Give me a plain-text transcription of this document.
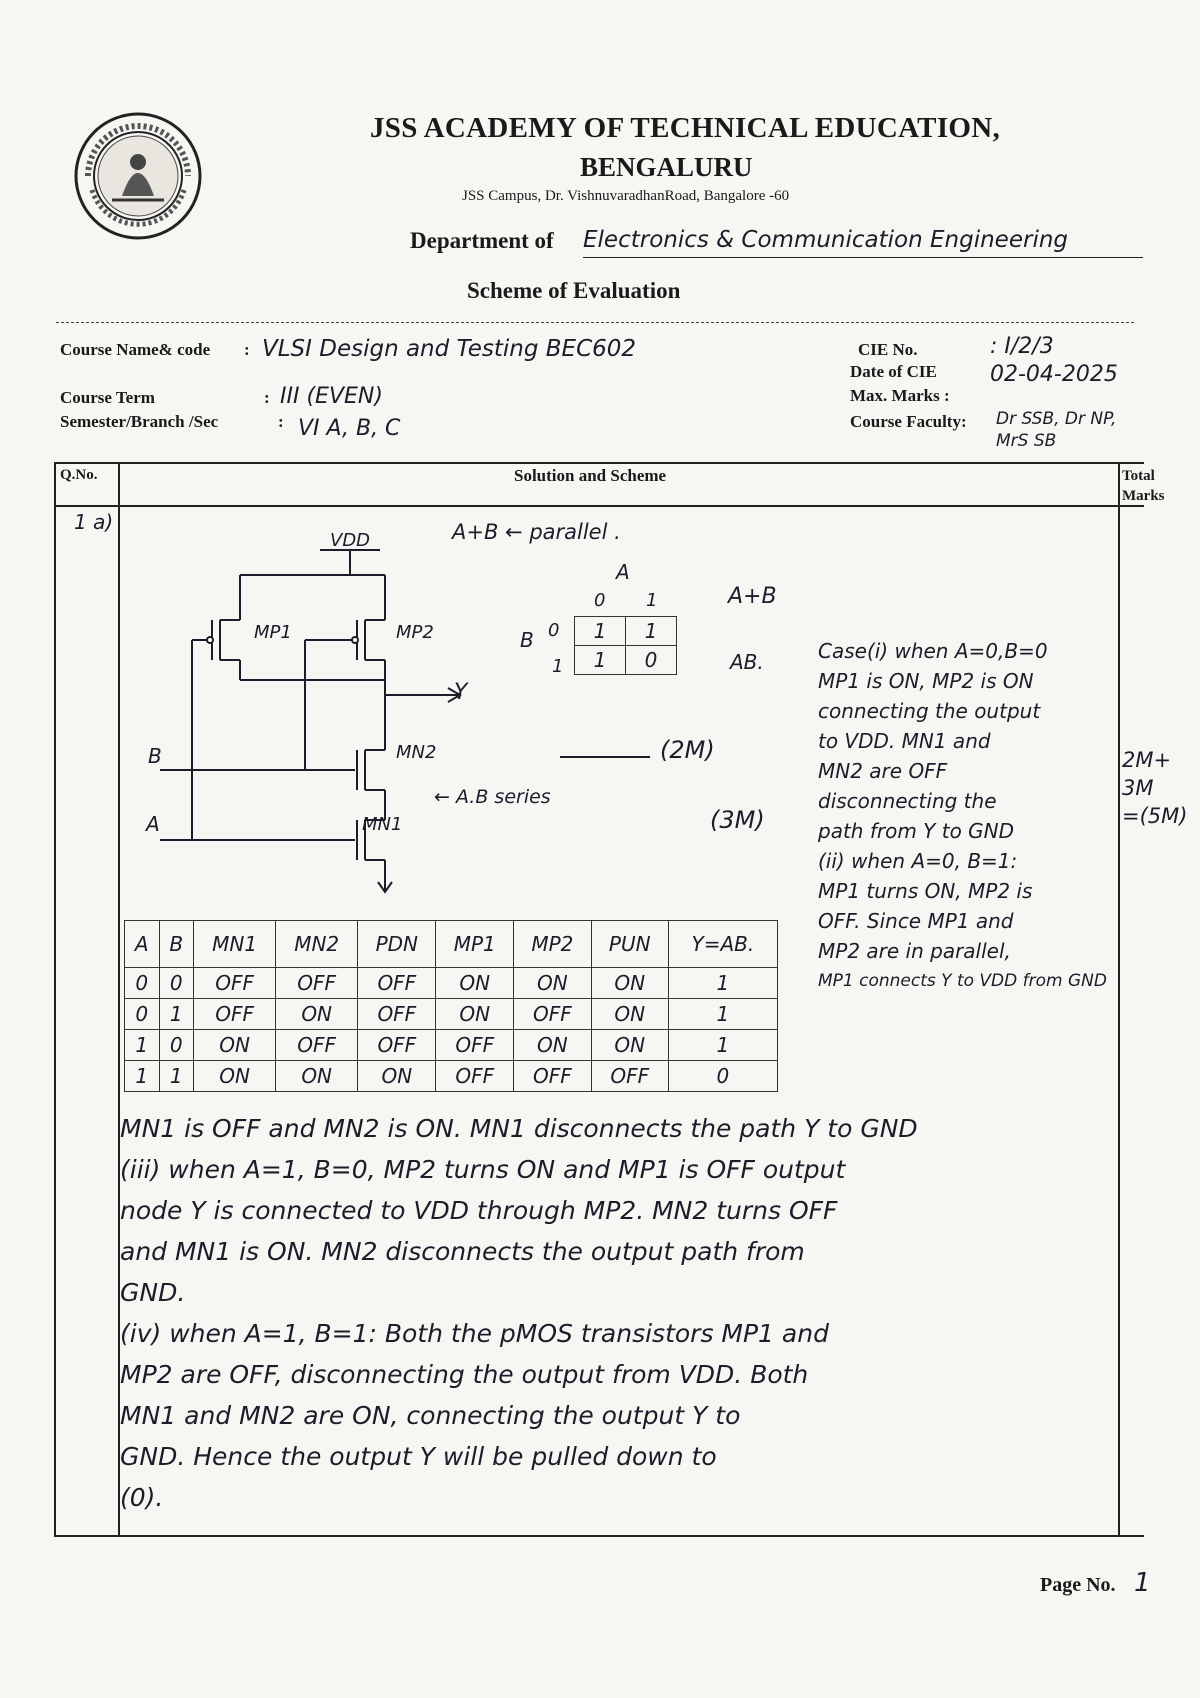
JSS ACADEMY OF TECHNICAL EDUCATION,
BENGALURU
JSS Campus, Dr. VishnuvaradhanRoad, Bangalore -60
Department of Electronics & Communication Engineering
Scheme of Evaluation
Course Name& code : VLSI Design and Testing BEC602
Course Term	: III (EVEN)
Semester/Branch /Sec	: VI A, B, C
CIE No.	: I/2/3
Date of CIE 02-04-2025
Max. Marks :
Course Faculty: Dr SSB, Dr NP, MrS SB
Q.No.	Solution and Scheme	Total Marks
1 a)
VDD
MP1	MP2
Y
MN2
MN1
B
A
A+B ← parallel .
← A.B series
(2M)
(3M)
A
B
0 1
0
1
1	1
1	0
A+B
AB.
A	B	MN1	MN2	PDN	MP1	MP2	PUN	Y=AB.
0	0	OFF	OFF	OFF	ON	ON	ON	1
0	1	OFF	ON	OFF	ON	OFF	ON	1
1	0	ON	OFF	OFF	OFF	ON	ON	1
1	1	ON	ON	ON	OFF	OFF	OFF	0
Case(i) when A=0,B=0
MP1 is ON, MP2 is ON
connecting the output
to VDD. MN1 and
MN2 are OFF
disconnecting the
path from Y to GND
(ii) when A=0, B=1:
MP1 turns ON, MP2 is
OFF. Since MP1 and
MP2 are in parallel,
MP1 connects Y to VDD from GND
2M+
3M
=(5M)
MN1 is OFF and MN2 is ON. MN1 disconnects the path Y to GND
(iii) when A=1, B=0, MP2 turns ON and MP1 is OFF output
node Y is connected to VDD through MP2. MN2 turns OFF
and MN1 is ON. MN2 disconnects the output path from
GND.
(iv) when A=1, B=1: Both the pMOS transistors MP1 and
MP2 are OFF, disconnecting the output from VDD. Both
MN1 and MN2 are ON, connecting the output Y to
GND. Hence the output Y will be pulled down to
(0).
Page No. 1
